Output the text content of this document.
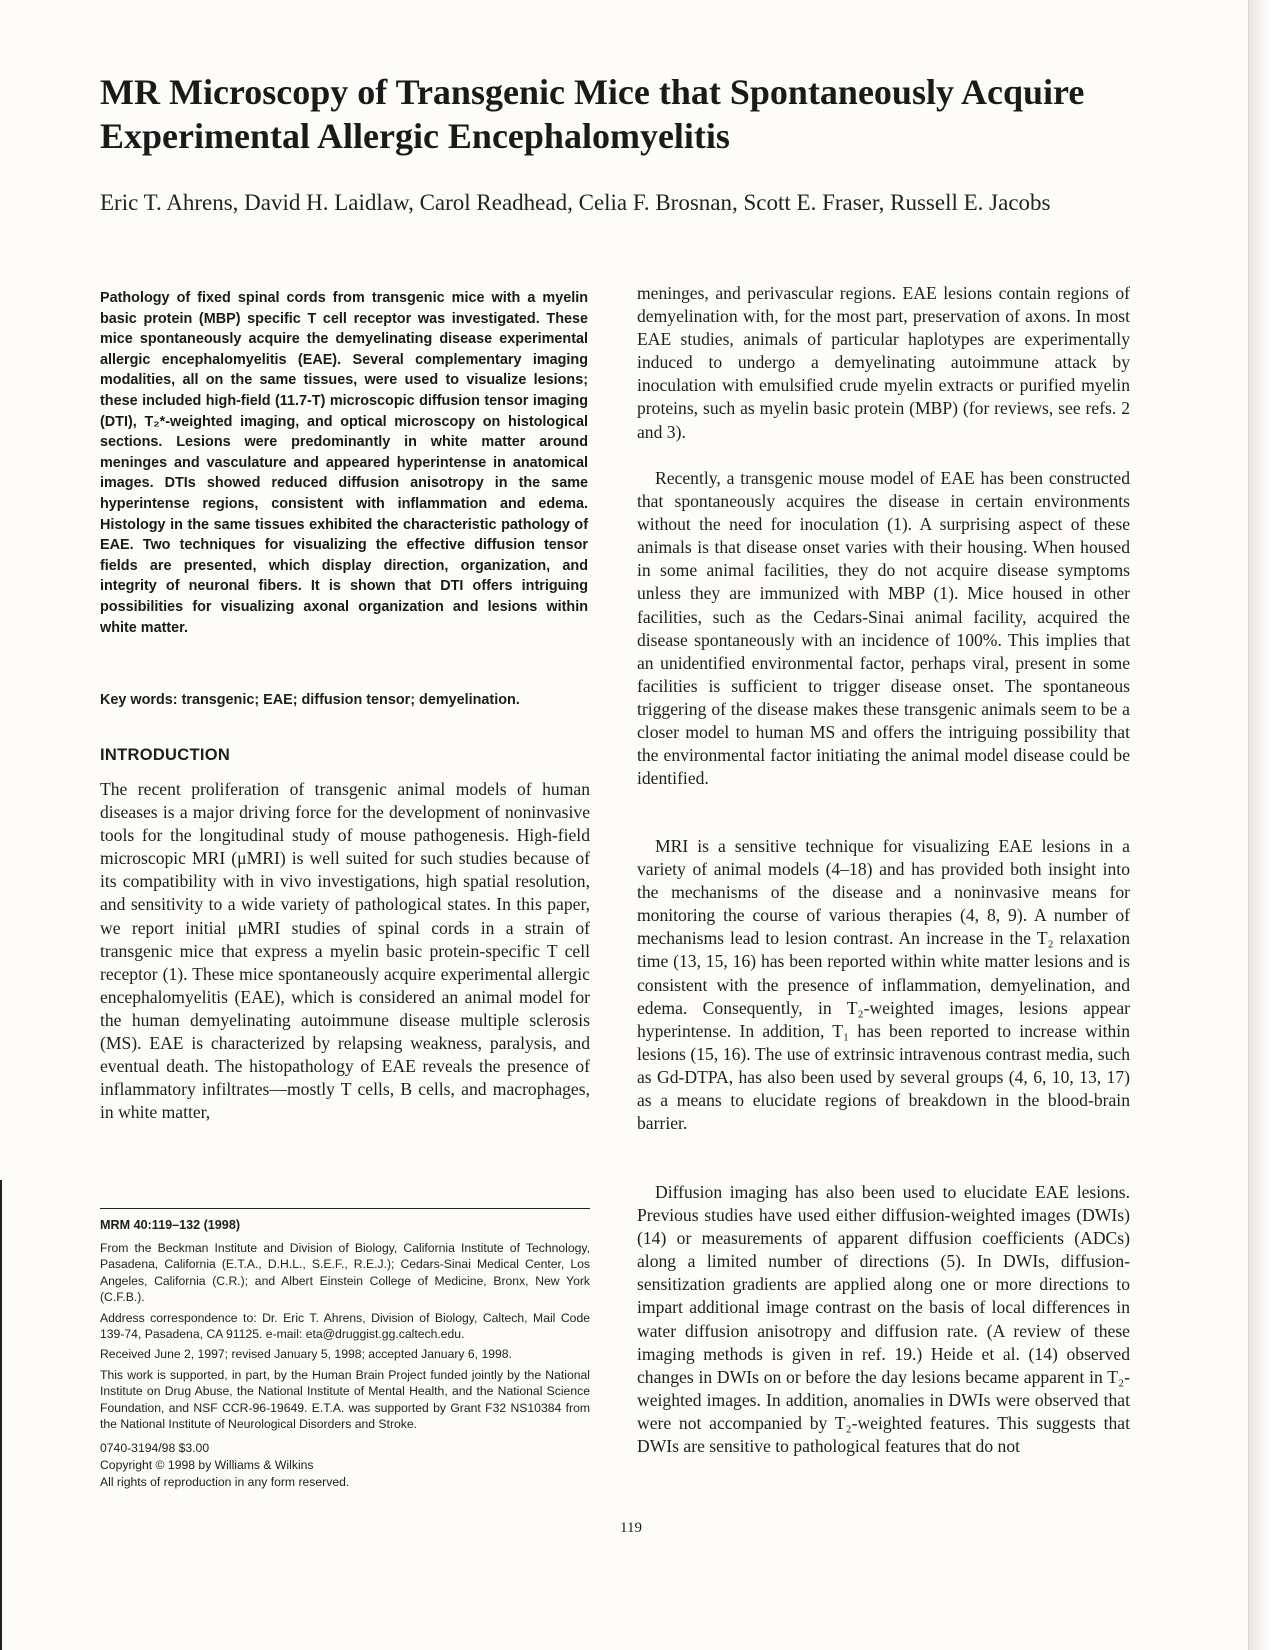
MR Microscopy of Transgenic Mice that Spontaneously Acquire Experimental Allergic Encephalomyelitis

Eric T. Ahrens, David H. Laidlaw, Carol Readhead, Celia F. Brosnan, Scott E. Fraser, Russell E. Jacobs

Pathology of fixed spinal cords from transgenic mice with a myelin basic protein (MBP) specific T cell receptor was investigated. These mice spontaneously acquire the demyelinating disease experimental allergic encephalomyelitis (EAE). Several complementary imaging modalities, all on the same tissues, were used to visualize lesions; these included high-field (11.7-T) microscopic diffusion tensor imaging (DTI), T₂*-weighted imaging, and optical microscopy on histological sections. Lesions were predominantly in white matter around meninges and vasculature and appeared hyperintense in anatomical images. DTIs showed reduced diffusion anisotropy in the same hyperintense regions, consistent with inflammation and edema. Histology in the same tissues exhibited the characteristic pathology of EAE. Two techniques for visualizing the effective diffusion tensor fields are presented, which display direction, organization, and integrity of neuronal fibers. It is shown that DTI offers intriguing possibilities for visualizing axonal organization and lesions within white matter.

Key words: transgenic; EAE; diffusion tensor; demyelination.

INTRODUCTION

The recent proliferation of transgenic animal models of human diseases is a major driving force for the development of noninvasive tools for the longitudinal study of mouse pathogenesis. High-field microscopic MRI (μMRI) is well suited for such studies because of its compatibility with in vivo investigations, high spatial resolution, and sensitivity to a wide variety of pathological states. In this paper, we report initial μMRI studies of spinal cords in a strain of transgenic mice that express a myelin basic protein-specific T cell receptor (1). These mice spontaneously acquire experimental allergic encephalomyelitis (EAE), which is considered an animal model for the human demyelinating autoimmune disease multiple sclerosis (MS). EAE is characterized by relapsing weakness, paralysis, and eventual death. The histopathology of EAE reveals the presence of inflammatory infiltrates—mostly T cells, B cells, and macrophages, in white matter,

MRM 40:119–132 (1998)

From the Beckman Institute and Division of Biology, California Institute of Technology, Pasadena, California (E.T.A., D.H.L., S.E.F., R.E.J.); Cedars-Sinai Medical Center, Los Angeles, California (C.R.); and Albert Einstein College of Medicine, Bronx, New York (C.F.B.).

Address correspondence to: Dr. Eric T. Ahrens, Division of Biology, Caltech, Mail Code 139-74, Pasadena, CA 91125. e-mail: eta@druggist.gg.caltech.edu.

Received June 2, 1997; revised January 5, 1998; accepted January 6, 1998.

This work is supported, in part, by the Human Brain Project funded jointly by the National Institute on Drug Abuse, the National Institute of Mental Health, and the National Science Foundation, and NSF CCR-96-19649. E.T.A. was supported by Grant F32 NS10384 from the National Institute of Neurological Disorders and Stroke.

0740-3194/98 $3.00

Copyright © 1998 by Williams & Wilkins

All rights of reproduction in any form reserved.

meninges, and perivascular regions. EAE lesions contain regions of demyelination with, for the most part, preservation of axons. In most EAE studies, animals of particular haplotypes are experimentally induced to undergo a demyelinating autoimmune attack by inoculation with emulsified crude myelin extracts or purified myelin proteins, such as myelin basic protein (MBP) (for reviews, see refs. 2 and 3).

Recently, a transgenic mouse model of EAE has been constructed that spontaneously acquires the disease in certain environments without the need for inoculation (1). A surprising aspect of these animals is that disease onset varies with their housing. When housed in some animal facilities, they do not acquire disease symptoms unless they are immunized with MBP (1). Mice housed in other facilities, such as the Cedars-Sinai animal facility, acquired the disease spontaneously with an incidence of 100%. This implies that an unidentified environmental factor, perhaps viral, present in some facilities is sufficient to trigger disease onset. The spontaneous triggering of the disease makes these transgenic animals seem to be a closer model to human MS and offers the intriguing possibility that the environmental factor initiating the animal model disease could be identified.

MRI is a sensitive technique for visualizing EAE lesions in a variety of animal models (4–18) and has provided both insight into the mechanisms of the disease and a noninvasive means for monitoring the course of various therapies (4, 8, 9). A number of mechanisms lead to lesion contrast. An increase in the T₂ relaxation time (13, 15, 16) has been reported within white matter lesions and is consistent with the presence of inflammation, demyelination, and edema. Consequently, in T₂-weighted images, lesions appear hyperintense. In addition, T₁ has been reported to increase within lesions (15, 16). The use of extrinsic intravenous contrast media, such as Gd-DTPA, has also been used by several groups (4, 6, 10, 13, 17) as a means to elucidate regions of breakdown in the blood-brain barrier.

Diffusion imaging has also been used to elucidate EAE lesions. Previous studies have used either diffusion-weighted images (DWIs) (14) or measurements of apparent diffusion coefficients (ADCs) along a limited number of directions (5). In DWIs, diffusion-sensitization gradients are applied along one or more directions to impart additional image contrast on the basis of local differences in water diffusion anisotropy and diffusion rate. (A review of these imaging methods is given in ref. 19.) Heide et al. (14) observed changes in DWIs on or before the day lesions became apparent in T₂-weighted images. In addition, anomalies in DWIs were observed that were not accompanied by T₂-weighted features. This suggests that DWIs are sensitive to pathological features that do not

119
